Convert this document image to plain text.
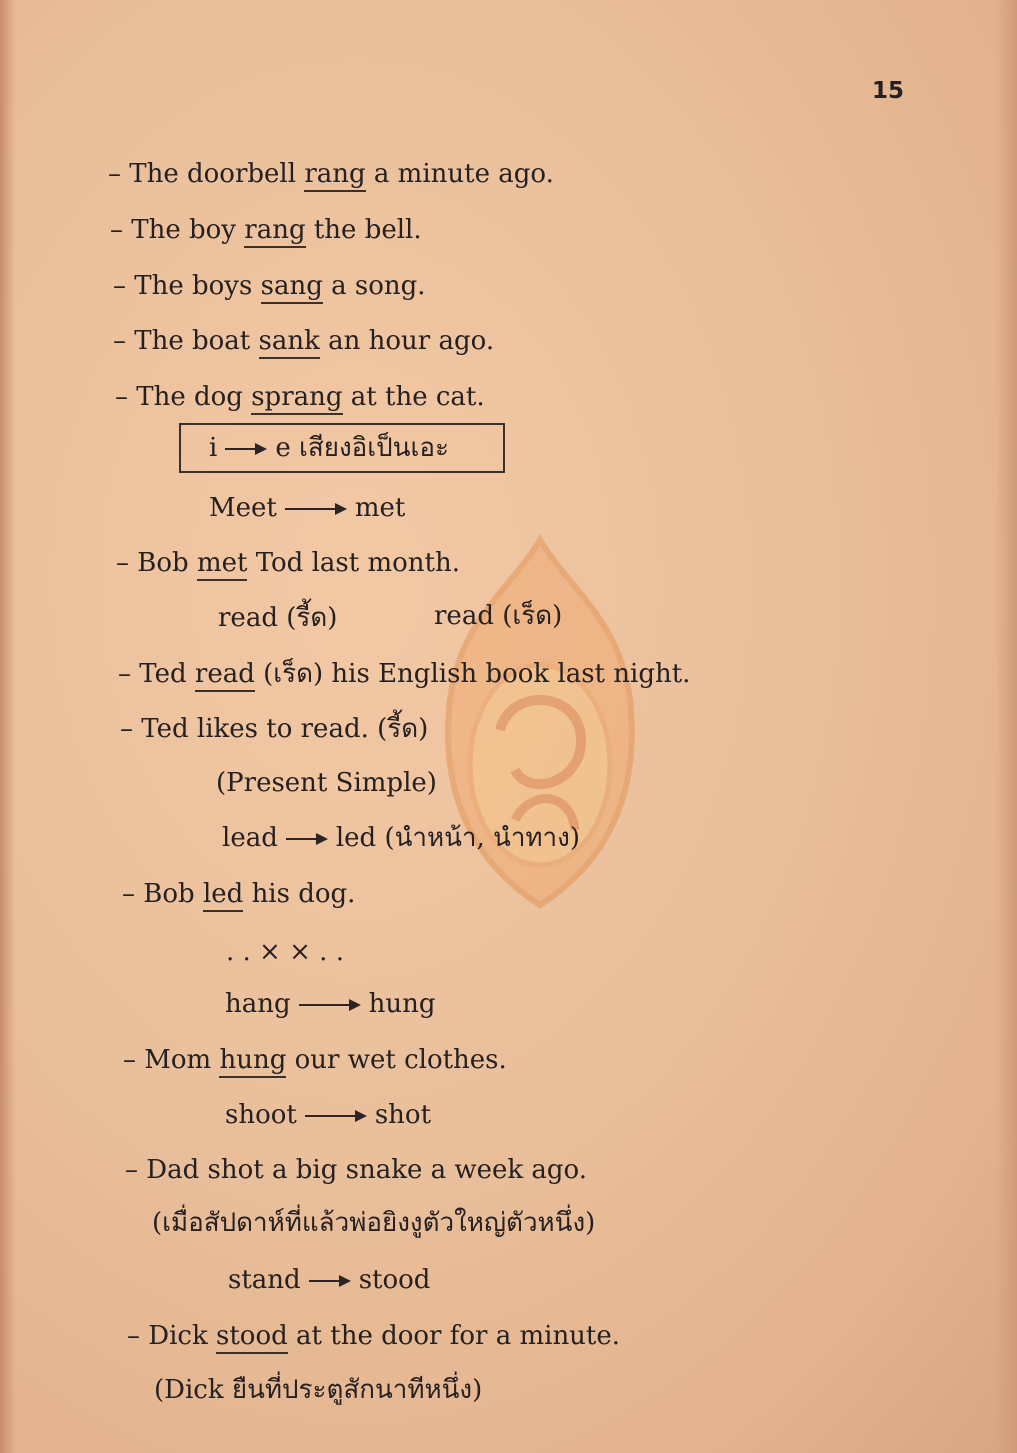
15
– The doorbell rang a minute ago.
– The boy rang the bell.
– The boys sang a song.
– The boat sank an hour ago.
– The dog sprang at the cat.
i e เสียงอิเป็นเอะ
Meet	met
– Bob met Tod last month.
read (รี้ด)	read (เร็ด)
– Ted read (เร็ด) his English book last night.
– Ted likes to read. (รี้ด)
(Present Simple)
lead led (นำหน้า, นำทาง)
– Bob led his dog.
. . × × . .
hang	hung
– Mom hung our wet clothes.
shoot	shot
– Dad shot a big snake a week ago.
(เมื่อสัปดาห์ที่แล้วพ่อยิงงูตัวใหญ่ตัวหนึ่ง)
stand stood
– Dick stood at the door for a minute.
(Dick ยืนที่ประตูสักนาทีหนึ่ง)
